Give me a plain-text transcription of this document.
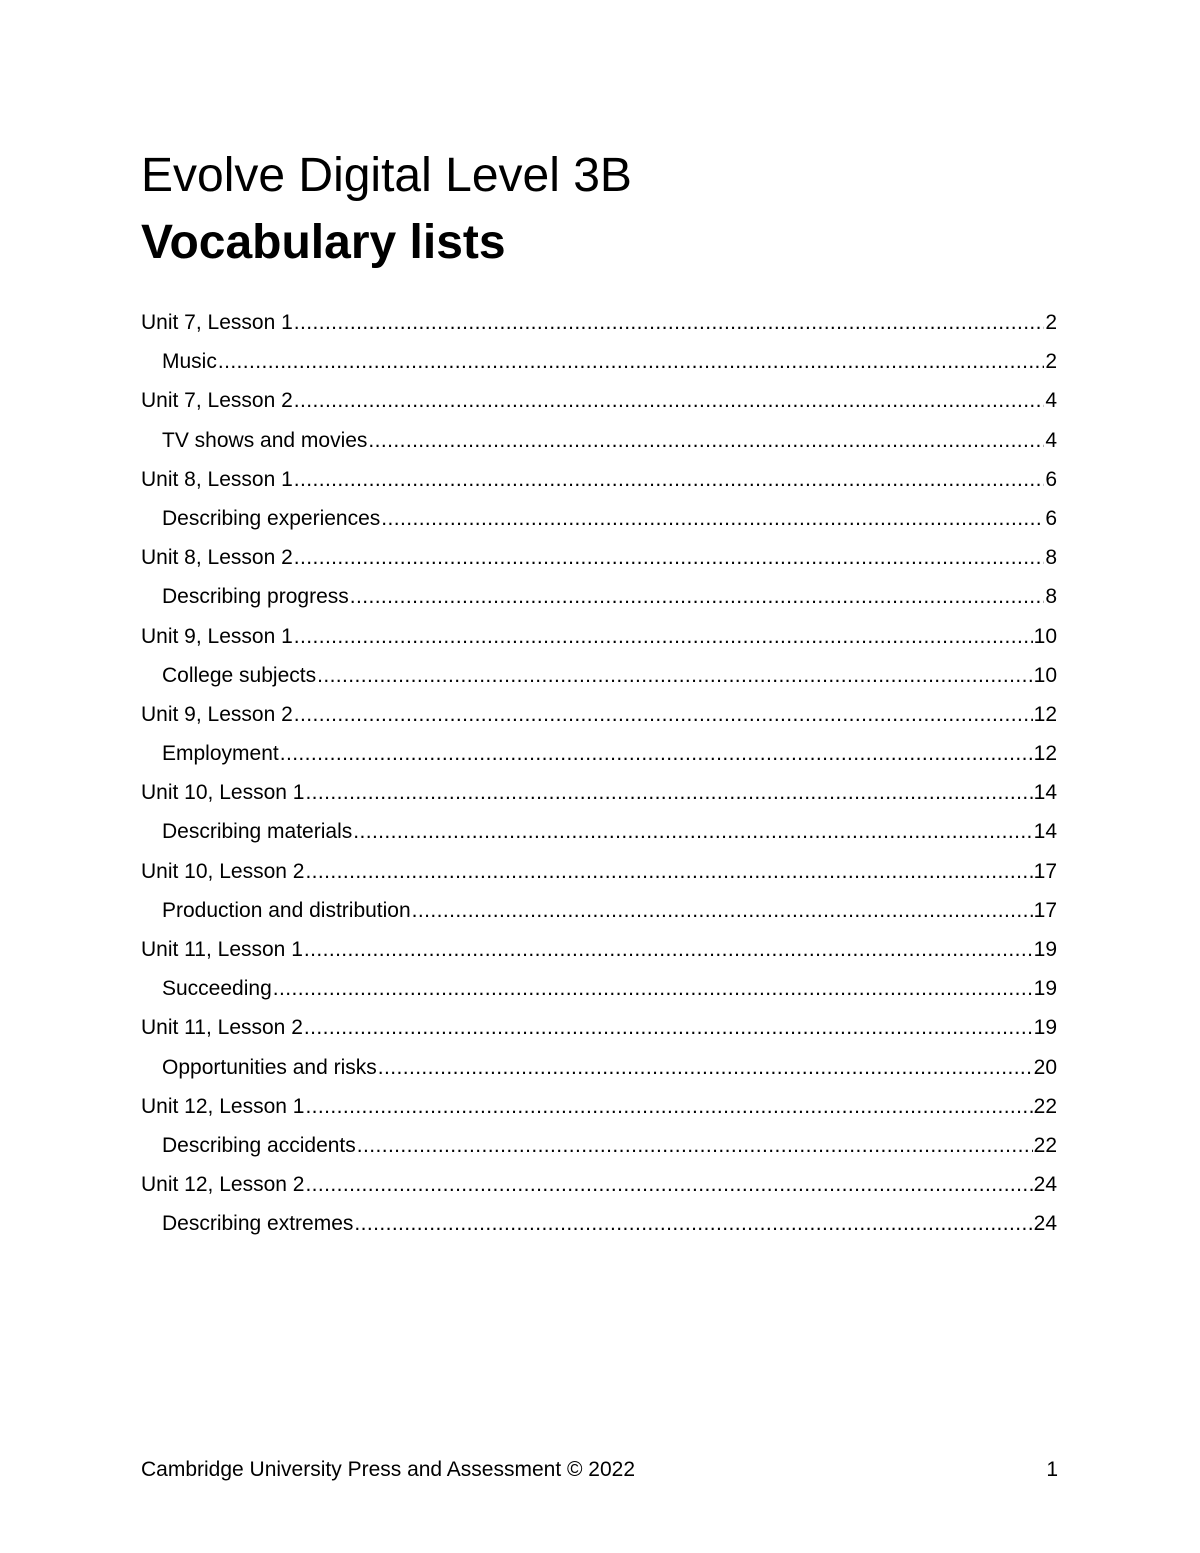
Evolve Digital Level 3B
Vocabulary lists
Unit 7, Lesson 1 .....	2
Music .....	2
Unit 7, Lesson 2 .....	4
TV shows and movies .....	4
Unit 8, Lesson 1 .....	6
Describing experiences .....	6
Unit 8, Lesson 2 .....	8
Describing progress .....	8
Unit 9, Lesson 1 .....	10
College subjects .....	10
Unit 9, Lesson 2 .....	12
Employment .....	12
Unit 10, Lesson 1 .....	14
Describing materials .....	14
Unit 10, Lesson 2 .....	17
Production and distribution .....	17
Unit 11, Lesson 1 .....	19
Succeeding .....	19
Unit 11, Lesson 2 .....	19
Opportunities and risks .....	20
Unit 12, Lesson 1 .....	22
Describing accidents .....	22
Unit 12, Lesson 2 .....	24
Describing extremes .....	24
Cambridge University Press and Assessment © 2022	1
